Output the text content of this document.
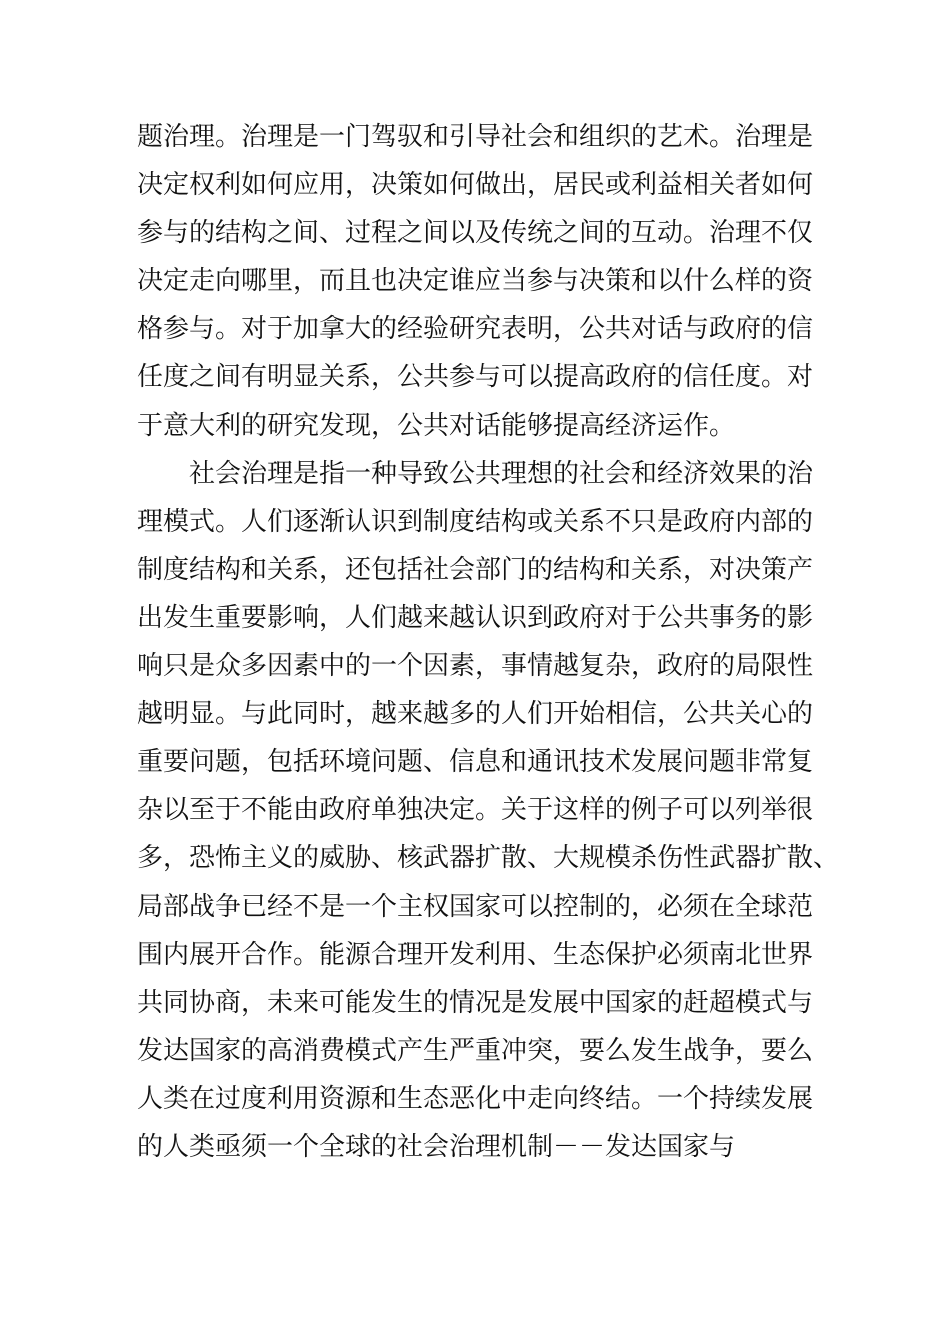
题治理。治理是一门驾驭和引导社会和组织的艺术。治理是
决定权利如何应用，决策如何做出，居民或利益相关者如何
参与的结构之间、过程之间以及传统之间的互动。治理不仅
决定走向哪里，而且也决定谁应当参与决策和以什么样的资
格参与。对于加拿大的经验研究表明，公共对话与政府的信
任度之间有明显关系，公共参与可以提高政府的信任度。对
于意大利的研究发现，公共对话能够提高经济运作。
社会治理是指一种导致公共理想的社会和经济效果的治
理模式。人们逐渐认识到制度结构或关系不只是政府内部的
制度结构和关系，还包括社会部门的结构和关系，对决策产
出发生重要影响，人们越来越认识到政府对于公共事务的影
响只是众多因素中的一个因素，事情越复杂，政府的局限性
越明显。与此同时，越来越多的人们开始相信，公共关心的
重要问题，包括环境问题、信息和通讯技术发展问题非常复
杂以至于不能由政府单独决定。关于这样的例子可以列举很
多，恐怖主义的威胁、核武器扩散、大规模杀伤性武器扩散、
局部战争已经不是一个主权国家可以控制的，必须在全球范
围内展开合作。能源合理开发利用、生态保护必须南北世界
共同协商，未来可能发生的情况是发展中国家的赶超模式与
发达国家的高消费模式产生严重冲突，要么发生战争，要么
人类在过度利用资源和生态恶化中走向终结。一个持续发展
的人类亟须一个全球的社会治理机制－－发达国家与
